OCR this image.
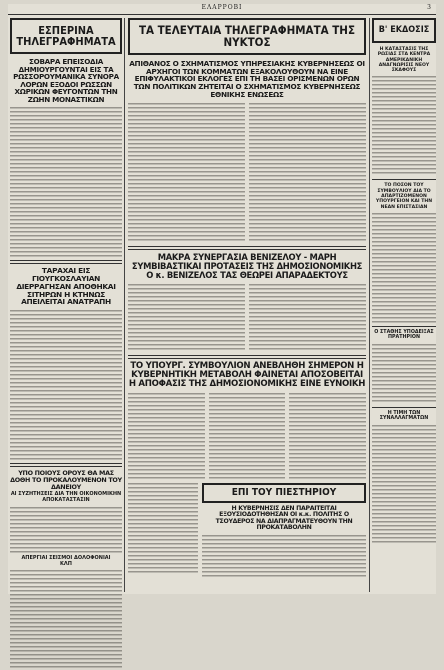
ΕΛΑΡΡΟΒΙ	3
ΕΣΠΕΡΙΝΑ ΤΗΛΕΓΡΑΦΗΜΑΤΑ
ΣΟΒΑΡΑ ΕΠΕΙΣΟΔΙΑ ΔΗΜΙΟΥΡΓΟΥΝΤΑΙ ΕΙΣ ΤΑ ΡΩΣΣΟΡΟΥΜΑΝΙΚΑ ΣΥΝΟΡΑ ΛΟΡΩΝ ΕΞΟΔΟΙ ΡΩΣΣΩΝ ΧΩΡΙΚΩΝ ΦΕΥΓΟΝΤΩΝ ΤΗΝ ΖΩΗΝ ΜΟΝΑΣΤΙΚΩΝ
ΤΑΡΑΧΑΙ ΕΙΣ ΓΙΟΥΓΚΟΣΛΑΥΙΑΝ ΔΙΕΡΡΑΓΗΣΑΝ ΑΠΟΘΗΚΑΙ ΣΙΤΗΡΩΝ Η ΚΤΗΝΩΣ ΑΠΕΙΛΕΙΤΑΙ ΑΝΑΤΡΑΠΗ
ΥΠΟ ΠΟΙΟΥΣ ΟΡΟΥΣ ΘΑ ΜΑΣ ΔΟΘΗ ΤΟ ΠΡΟΚΑΛΟΥΜΕΝΟΝ ΤΟΥ ΔΑΝΕΙΟΥ
ΑΙ ΣΥΖΗΤΗΣΕΙΣ ΔΙΑ ΤΗΝ ΟΙΚΟΝΟΜΙΚΗΝ ΑΠΟΚΑΤΑΣΤΑΣΙΝ
ΑΠΕΡΓΙΑΙ ΣΕΙΣΜΟΙ ΔΟΛΟΦΟΝΙΑΙ ΚΛΠ
ΤΑ ΤΕΛΕΥΤΑΙΑ ΤΗΛΕΓΡΑΦΗΜΑΤΑ ΤΗΣ ΝΥΚΤΟΣ
ΑΠΙΘΑΝΟΣ Ο ΣΧΗΜΑΤΙΣΜΟΣ ΥΠΗΡΕΣΙΑΚΗΣ ΚΥΒΕΡΝΗΣΕΩΣ ΟΙ ΑΡΧΗΓΟΙ ΤΩΝ ΚΟΜΜΑΤΩΝ ΕΞΑΚΟΛΟΥΘΟΥΝ ΝΑ ΕΙΝΕ ΕΠΙΦΥΛΑΚΤΙΚΟΙ ΕΚΛΟΓΕΣ ΕΠΙ ΤΗ ΒΑΣΕΙ ΟΡΙΣΜΕΝΩΝ ΟΡΩΝ ΤΩΝ ΠΟΛΙΤΙΚΩΝ ΖΗΤΕΙΤΑΙ Ο ΣΧΗΜΑΤΙΣΜΟΣ ΚΥΒΕΡΝΗΣΕΩΣ ΕΘΝΙΚΗΣ ΕΝΩΣΕΩΣ
ΜΑΚΡΑ ΣΥΝΕΡΓΑΣΙΑ ΒΕΝΙΖΕΛΟΥ - ΜΑΡΗ ΣΥΜΒΙΒΑΣΤΙΚΑΙ ΠΡΟΤΑΣΕΙΣ ΤΗΣ ΔΗΜΟΣΙΟΝΟΜΙΚΗΣ Ο κ. ΒΕΝΙΖΕΛΟΣ ΤΑΣ ΘΕΩΡΕΙ ΑΠΑΡΑΔΕΚΤΟΥΣ
ΤΟ ΥΠΟΥΡΓ. ΣΥΜΒΟΥΛΙΟΝ ΑΝΕΒΛΗΘΗ ΣΗΜΕΡΟΝ Η ΚΥΒΕΡΝΗΤΙΚΗ ΜΕΤΑΒΟΛΗ ΦΑΙΝΕΤΑΙ ΑΠΟΣΟΒΕΙΤΑΙ Η ΑΠΟΦΑΣΙΣ ΤΗΣ ΔΗΜΟΣΙΟΝΟΜΙΚΗΣ ΕΙΝΕ ΕΥΝΟΙΚΗ
ΕΠΙ ΤΟΥ ΠΙΕΣΤΗΡΙΟΥ
Η ΚΥΒΕΡΝΗΣΙΣ ΔΕΝ ΠΑΡΑΙΤΕΙΤΑΙ ΕΞΟΥΣΙΟΔΟΤΗΘΗΣΑΝ ΟΙ κ.κ. ΠΟΛΙΤΗΣ Ο ΤΣΟΥΔΕΡΟΣ ΝΑ ΔΙΑΠΡΑΓΜΑΤΕΥΘΟΥΝ ΤΗΝ ΠΡΟΚΑΤΑΒΟΛΗΝ
Β' ΕΚΔΟΣΙΣ
Η ΚΑΤΑΣΤΑΣΙΣ ΤΗΣ ΡΩΣΙΑΣ ΣΤΑ ΚΕΝΤΡΑ ΑΜΕΡΙΚΑΝΙΚΗ ΑΝΑΓΝΩΡΙΣΙΣ ΝΕΟΥ ΣΚΑΦΟΥΣ
ΤΟ ΠΟΣΟΝ ΤΟΥ ΣΥΜΒΟΥΛΙΟΥ ΔΙΑ ΤΟ ΑΠΑΡΤΙΖΟΜΕΝΟΝ ΥΠΟΥΡΓΕΙΟΝ ΚΑΙ ΤΗΝ ΝΕΑΝ ΕΠΙΣΤΑΣΙΑΝ
Ο ΣΤΑΘΗΣ ΥΠΟΔΕΙΞΑΣ ΠΡΑΤΗΡΙΟΝ
Η ΤΙΜΗ ΤΩΝ ΣΥΝΑΛΛΑΓΜΑΤΩΝ
